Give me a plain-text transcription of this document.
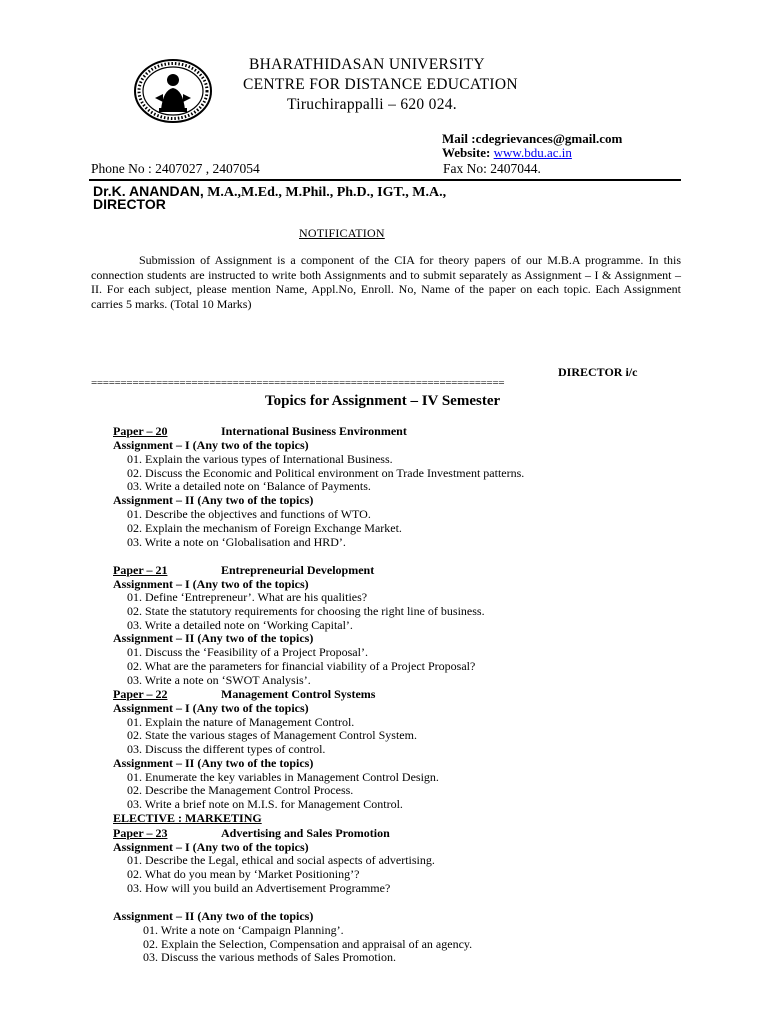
BHARATHIDASAN UNIVERSITY
CENTRE FOR DISTANCE EDUCATION
Tiruchirappalli – 620 024.
Mail :cdegrievances@gmail.com
Website: www.bdu.ac.in
Phone No : 2407027 , 2407054	Fax No: 2407044.
Dr.K. ANANDAN, M.A.,M.Ed., M.Phil., Ph.D., IGT., M.A.,
DIRECTOR
NOTIFICATION
Submission of Assignment is a component of the CIA for theory papers of our M.B.A programme. In this connection students are instructed to write both Assignments and to submit separately as Assignment – I & Assignment – II. For each subject, please mention Name, Appl.No, Enroll. No, Name of the paper on each topic. Each Assignment carries 5 marks. (Total 10 Marks)
DIRECTOR i/c
======================================================================
Topics for Assignment – IV Semester
Paper – 20	International Business Environment
Assignment – I (Any two of the topics)
01. Explain the various types of International Business.
02. Discuss the Economic and Political environment on Trade Investment patterns.
03. Write a detailed note on ‘Balance of Payments.
Assignment – II (Any two of the topics)
01. Describe the objectives and functions of WTO.
02. Explain the mechanism of Foreign Exchange Market.
03. Write a note on ‘Globalisation and HRD’.
Paper – 21	Entrepreneurial Development
Assignment – I (Any two of the topics)
01. Define ‘Entrepreneur’. What are his qualities?
02. State the statutory requirements for choosing the right line of business.
03. Write a detailed note on ‘Working Capital’.
Assignment – II (Any two of the topics)
01. Discuss the ‘Feasibility of a Project Proposal’.
02. What are the parameters for financial viability of a Project Proposal?
03. Write a note on ‘SWOT Analysis’.
Paper – 22	Management Control Systems
Assignment – I (Any two of the topics)
01. Explain the nature of Management Control.
02. State the various stages of Management Control System.
03. Discuss the different types of control.
Assignment – II (Any two of the topics)
01. Enumerate the key variables in Management Control Design.
02. Describe the Management Control Process.
03. Write a brief note on M.I.S. for Management Control.
ELECTIVE : MARKETING
Paper – 23	Advertising and Sales Promotion
Assignment – I (Any two of the topics)
01. Describe the Legal, ethical and social aspects of advertising.
02. What do you mean by ‘Market Positioning’?
03. How will you build an Advertisement Programme?
Assignment – II (Any two of the topics)
01. Write a note on ‘Campaign Planning’.
02. Explain the Selection, Compensation and appraisal of an agency.
03. Discuss the various methods of Sales Promotion.
